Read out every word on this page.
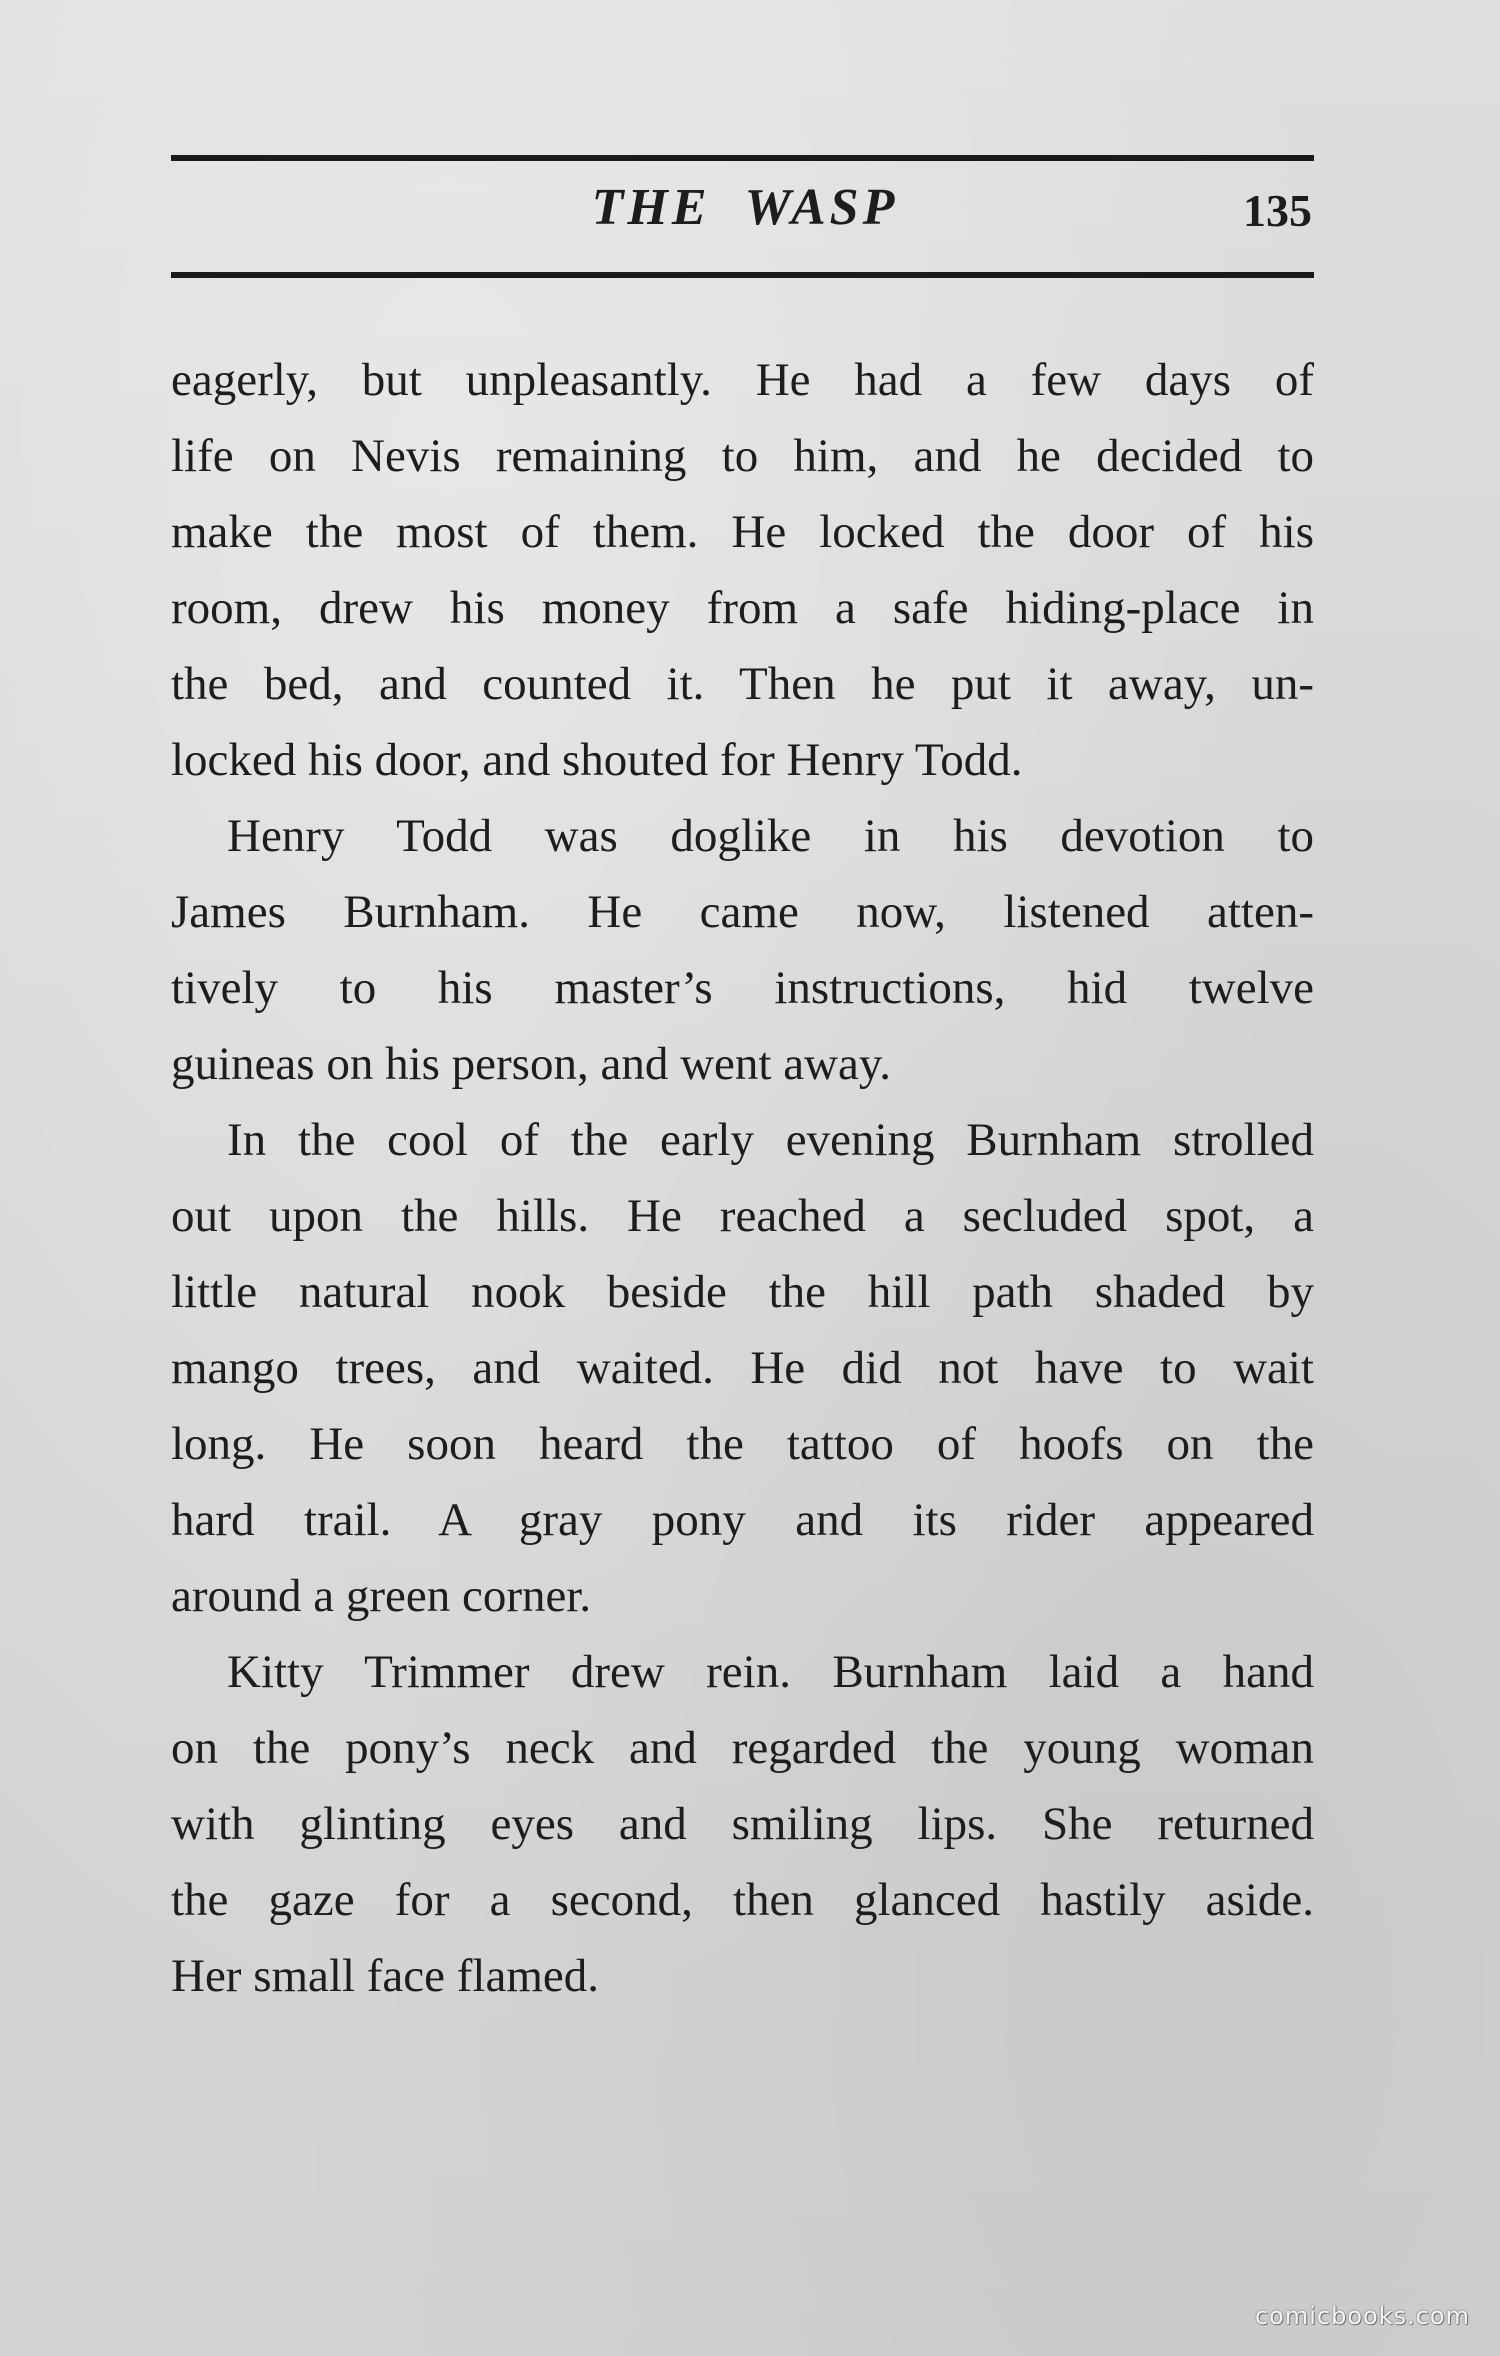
THE WASP	135
eagerly, but unpleasantly. He had a few days of
life on Nevis remaining to him, and he decided to
make the most of them. He locked the door of his
room, drew his money from a safe hiding-place in
the bed, and counted it. Then he put it away, un-
locked his door, and shouted for Henry Todd.
Henry Todd was doglike in his devotion to
James Burnham. He came now, listened atten-
tively to his master’s instructions, hid twelve
guineas on his person, and went away.
In the cool of the early evening Burnham strolled
out upon the hills. He reached a secluded spot, a
little natural nook beside the hill path shaded by
mango trees, and waited. He did not have to wait
long. He soon heard the tattoo of hoofs on the
hard trail. A gray pony and its rider appeared
around a green corner.
Kitty Trimmer drew rein. Burnham laid a hand
on the pony’s neck and regarded the young woman
with glinting eyes and smiling lips. She returned
the gaze for a second, then glanced hastily aside.
Her small face flamed.
comicbooks.com
